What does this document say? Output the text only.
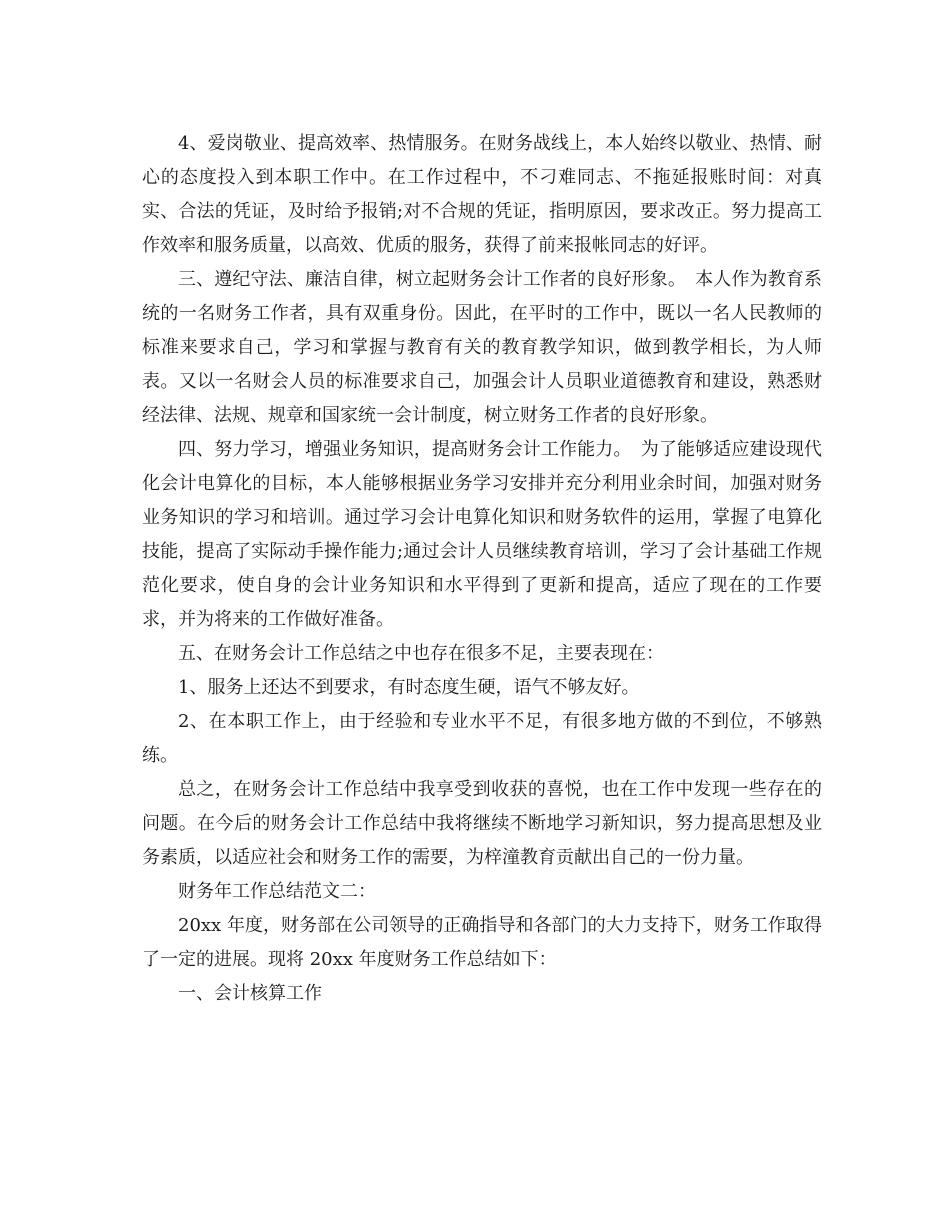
4、爱岗敬业、提高效率、热情服务。在财务战线上，本人始终以敬业、热情、耐心的态度投入到本职工作中。在工作过程中，不刁难同志、不拖延报账时间：对真实、合法的凭证，及时给予报销;对不合规的凭证，指明原因，要求改正。努力提高工作效率和服务质量，以高效、优质的服务，获得了前来报帐同志的好评。

三、遵纪守法、廉洁自律，树立起财务会计工作者的良好形象。　本人作为教育系统的一名财务工作者，具有双重身份。因此，在平时的工作中，既以一名人民教师的标准来要求自己，学习和掌握与教育有关的教育教学知识，做到教学相长，为人师表。又以一名财会人员的标准要求自己，加强会计人员职业道德教育和建设，熟悉财经法律、法规、规章和国家统一会计制度，树立财务工作者的良好形象。

四、努力学习，增强业务知识，提高财务会计工作能力。　为了能够适应建设现代化会计电算化的目标，本人能够根据业务学习安排并充分利用业余时间，加强对财务业务知识的学习和培训。通过学习会计电算化知识和财务软件的运用，掌握了电算化技能，提高了实际动手操作能力;通过会计人员继续教育培训，学习了会计基础工作规范化要求，使自身的会计业务知识和水平得到了更新和提高，适应了现在的工作要求，并为将来的工作做好准备。

五、在财务会计工作总结之中也存在很多不足，主要表现在：

1、服务上还达不到要求，有时态度生硬，语气不够友好。

2、在本职工作上，由于经验和专业水平不足，有很多地方做的不到位，不够熟练。

总之，在财务会计工作总结中我享受到收获的喜悦，也在工作中发现一些存在的问题。在今后的财务会计工作总结中我将继续不断地学习新知识，努力提高思想及业务素质，以适应社会和财务工作的需要，为梓潼教育贡献出自己的一份力量。

财务年工作总结范文二：

20xx 年度，财务部在公司领导的正确指导和各部门的大力支持下，财务工作取得了一定的进展。现将 20xx 年度财务工作总结如下：

一、会计核算工作
